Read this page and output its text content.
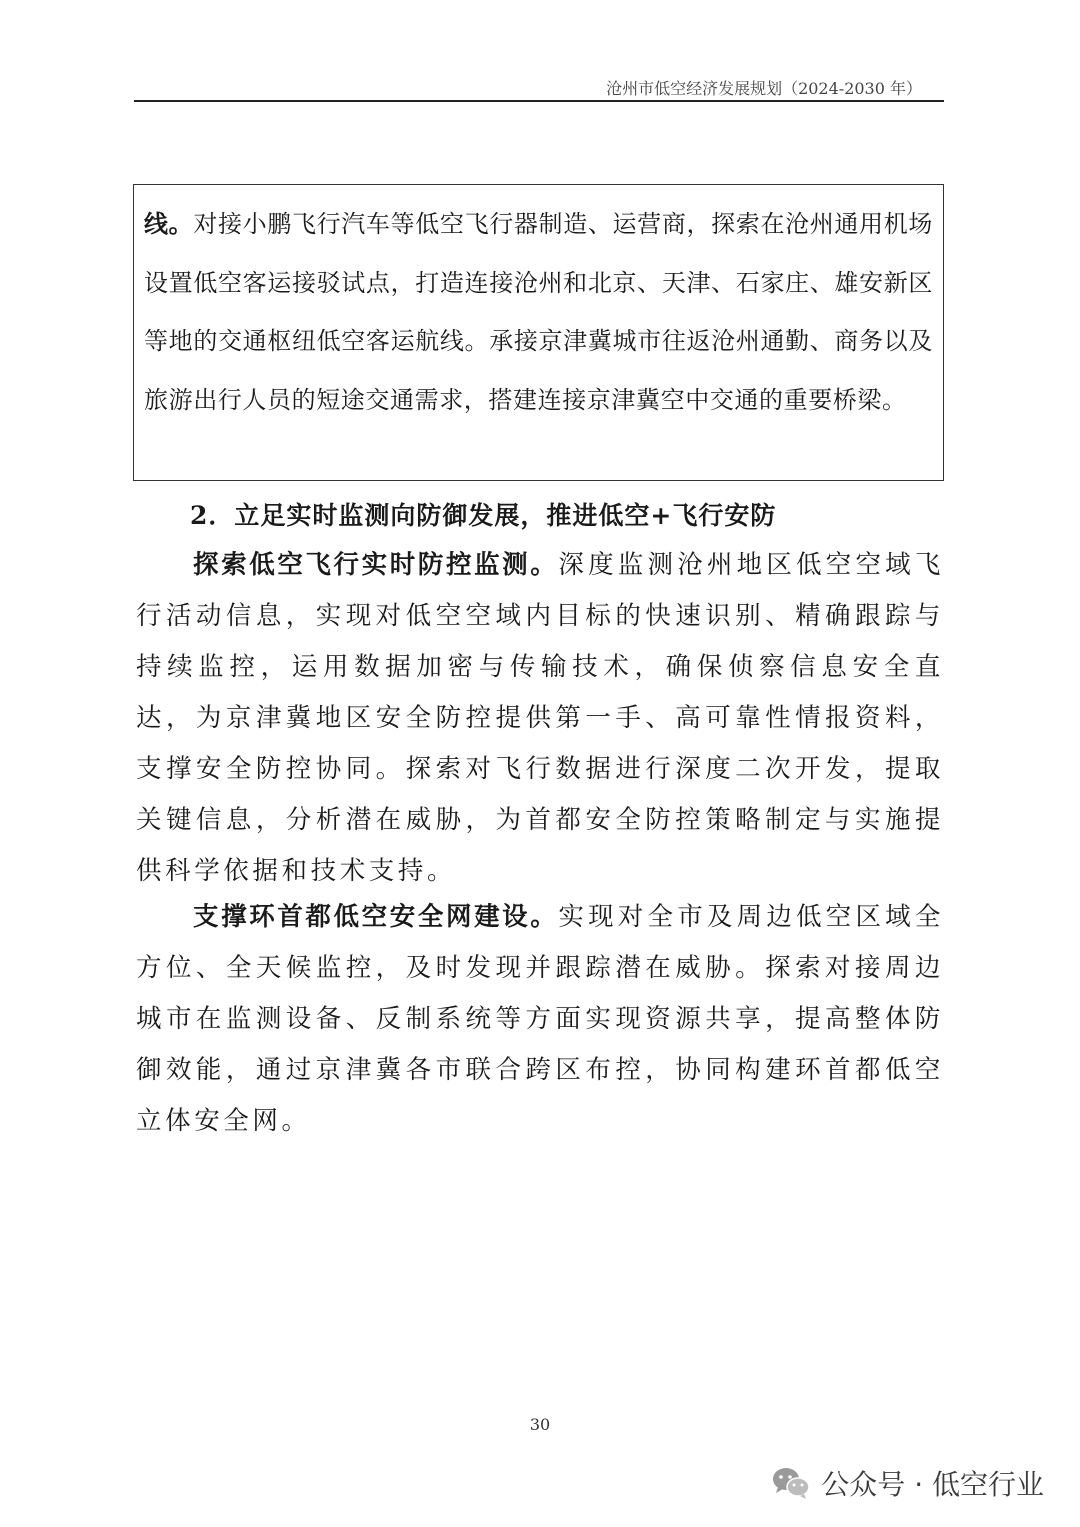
沧州市低空经济发展规划（2024-2030 年）
线。对接小鹏飞行汽车等低空飞行器制造、运营商，探索在沧州通用机场设置低空客运接驳试点，打造连接沧州和北京、天津、石家庄、雄安新区等地的交通枢纽低空客运航线。承接京津冀城市往返沧州通勤、商务以及旅游出行人员的短途交通需求，搭建连接京津冀空中交通的重要桥梁。
2．立足实时监测向防御发展，推进低空+飞行安防

探索低空飞行实时防控监测。深度监测沧州地区低空空域飞行活动信息，实现对低空空域内目标的快速识别、精确跟踪与持续监控，运用数据加密与传输技术，确保侦察信息安全直达，为京津冀地区安全防控提供第一手、高可靠性情报资料，支撑安全防控协同。探索对飞行数据进行深度二次开发，提取关键信息，分析潜在威胁，为首都安全防控策略制定与实施提供科学依据和技术支持。

支撑环首都低空安全网建设。实现对全市及周边低空区域全方位、全天候监控，及时发现并跟踪潜在威胁。探索对接周边城市在监测设备、反制系统等方面实现资源共享，提高整体防御效能，通过京津冀各市联合跨区布控，协同构建环首都低空立体安全网。

30
公众号 · 低空行业
